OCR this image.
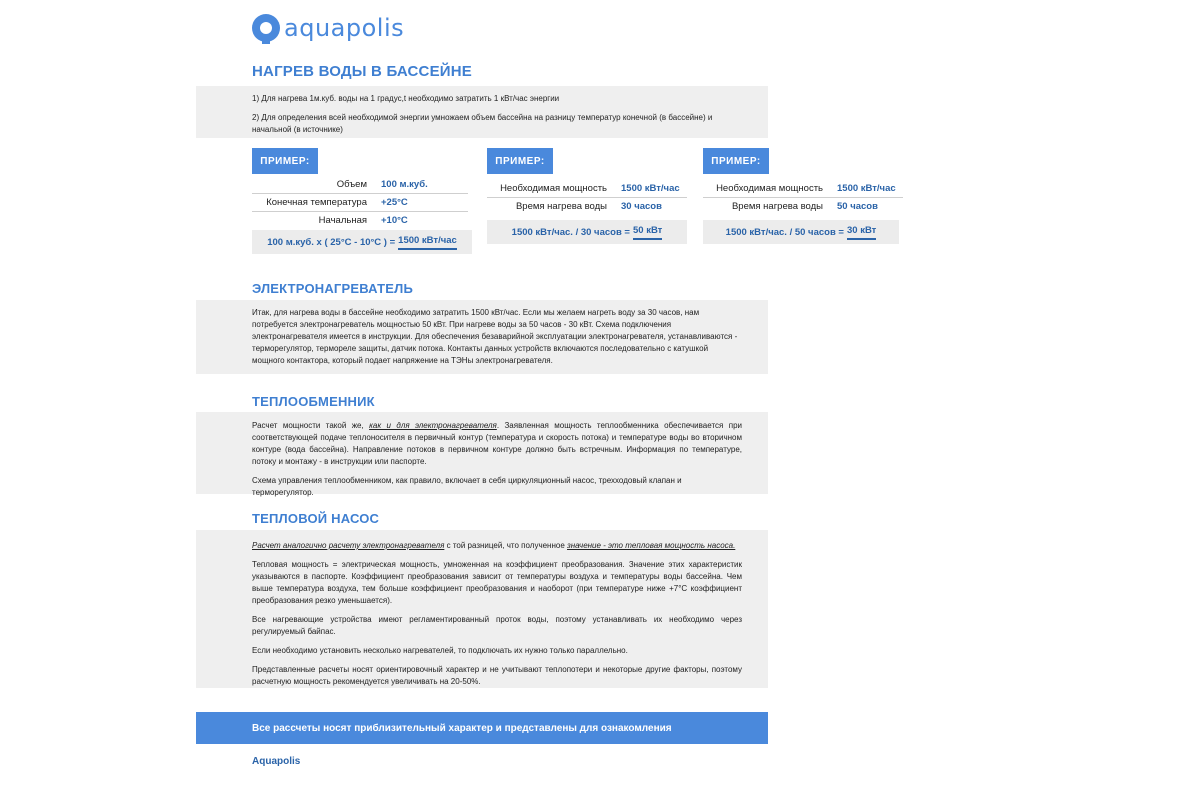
aquapolis
НАГРЕВ ВОДЫ В БАССЕЙНЕ

1) Для нагрева 1м.куб. воды на 1 градус,t необходимо затратить 1 кВт/час энергии

2) Для определения всей необходимой энергии умножаем объем бассейна на разницу температур конечной (в бассейне) и начальной (в источнике)

ПРИМЕР:
Объем	100 м.куб.
Конечная температура	+25°C
Начальная	+10°C
100 м.куб. х ( 25°C - 10°C ) = 1500 кВт/час
ПРИМЕР:
Необходимая мощность	1500 кВт/час
Время нагрева воды	30 часов
1500 кВт/час. / 30 часов = 50 кВт
ПРИМЕР:
Необходимая мощность	1500 кВт/час
Время нагрева воды	50 часов
1500 кВт/час. / 50 часов = 30 кВт
ЭЛЕКТРОНАГРЕВАТЕЛЬ
Итак, для нагрева воды в бассейне необходимо затратить 1500 кВт/час. Если мы желаем нагреть воду за 30 часов, нам потребуется электронагреватель мощностью 50 кВт. При нагреве воды за 50 часов - 30 кВт. Схема подключения электронагревателя имеется в инструкции. Для обеспечения безаварийной эксплуатации электронагревателя, устанавливаются - терморегулятор, термореле защиты, датчик потока. Контакты данных устройств включаются последовательно с катушкой мощного контактора, который подает напряжение на ТЭНы электронагревателя.
ТЕПЛООБМЕННИК

Расчет мощности такой же, как и для электронагревателя. Заявленная мощность теплообменника обеспечивается при соответствующей подаче теплоносителя в первичный контур (температура и скорость потока) и температуре воды во вторичном контуре (вода бассейна). Направление потоков в первичном контуре должно быть встречным. Информация по температуре, потоку и монтажу - в инструкции или паспорте.

Схема управления теплообменником, как правило, включает в себя циркуляционный насос, трехходовый клапан и терморегулятор.

ТЕПЛОВОЙ НАСОС

Расчет аналогично расчету электронагревателя с той разницей, что полученное значение - это тепловая мощность насоса.

Тепловая мощность = электрическая мощность, умноженная на коэффициент преобразования. Значение этих характеристик указываются в паспорте. Коэффициент преобразования зависит от температуры воздуха и температуры воды бассейна. Чем выше температура воздуха, тем больше коэффициент преобразования и наоборот (при температуре ниже +7°С коэффициент преобразования резко уменьшается).

Все нагревающие устройства имеют регламентированный проток воды, поэтому устанавливать их необходимо через регулируемый байпас.

Если необходимо установить несколько нагревателей, то подключать их нужно только параллельно.

Представленные расчеты носят ориентировочный характер и не учитывают теплопотери и некоторые другие факторы, поэтому расчетную мощность рекомендуется увеличивать на 20-50%.

Все рассчеты носят приблизительный характер и представлены для ознакомления
Aquapolis
